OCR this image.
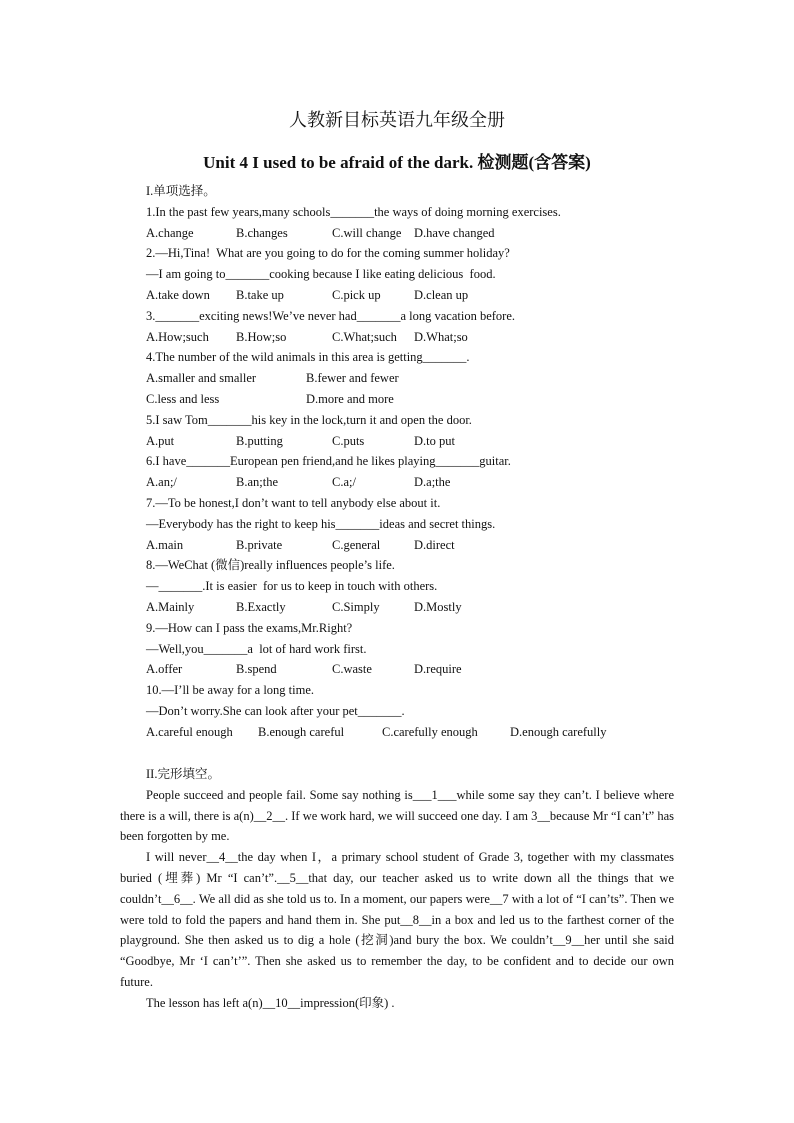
人教新目标英语九年级全册
Unit 4 I used to be afraid of the dark. 检测题(含答案)
I.单项选择。
1.In the past few years,many schools_______the ways of doing morning exercises.
A.change	B.changes	C.will change D.have changed
2.—Hi,Tina!  What are you going to do for the coming summer holiday?
—I am going to_______cooking because I like eating delicious  food.
A.take down B.take up	C.pick up	D.clean up
3._______exciting news!We’ve never had_______a long vacation before.
A.How;such B.How;so	C.What;such D.What;so
4.The number of the wild animals in this area is getting_______.
A.smaller and smaller	B.fewer and fewer
C.less and less	D.more and more
5.I saw Tom_______his key in the lock,turn it and open the door.
A.put	B.putting	C.puts	D.to put
6.I have_______European pen friend,and he likes playing_______guitar.
A.an;/	B.an;the	C.a;/	D.a;the
7.—To be honest,I don’t want to tell anybody else about it.
—Everybody has the right to keep his_______ideas and secret things.
A.main	B.private	C.general	D.direct
8.—WeChat (微信)really influences people’s life.
—_______.It is easier  for us to keep in touch with others.
A.Mainly	B.Exactly	C.Simply	D.Mostly
9.—How can I pass the exams,Mr.Right?
—Well,you_______a  lot of hard work first.
A.offer	B.spend	C.waste	D.require
10.—I’ll be away for a long time.
—Don’t worry.She can look after your pet_______.
A.careful enough B.enough careful	C.carefully enough	D.enough carefully
II.完形填空。
People succeed and people fail. Some say nothing is___1___while some say they can’t. I believe where there is a will, there is a(n)__2__. If we work hard, we will succeed one day. I am 3__because Mr “I can’t” has been forgotten by me.
I will never__4__the day when I，a primary school student of Grade 3, together with my classmates buried (埋葬) Mr “I can’t”.__5__that day, our teacher asked us to write down all the things that we couldn’t__6__. We all did as she told us to. In a moment, our papers were__7 with a lot of “I can’ts”. Then we were told to fold the papers and hand them in. She put__8__in a box and led us to the farthest corner of the playground. She then asked us to dig a hole (挖洞)and bury the box. We couldn’t__9__her until she said “Goodbye, Mr ‘I can’t’”. Then she asked us to remember the day, to be confident and to decide our own future.
The lesson has left a(n)__10__impression(印象) .
